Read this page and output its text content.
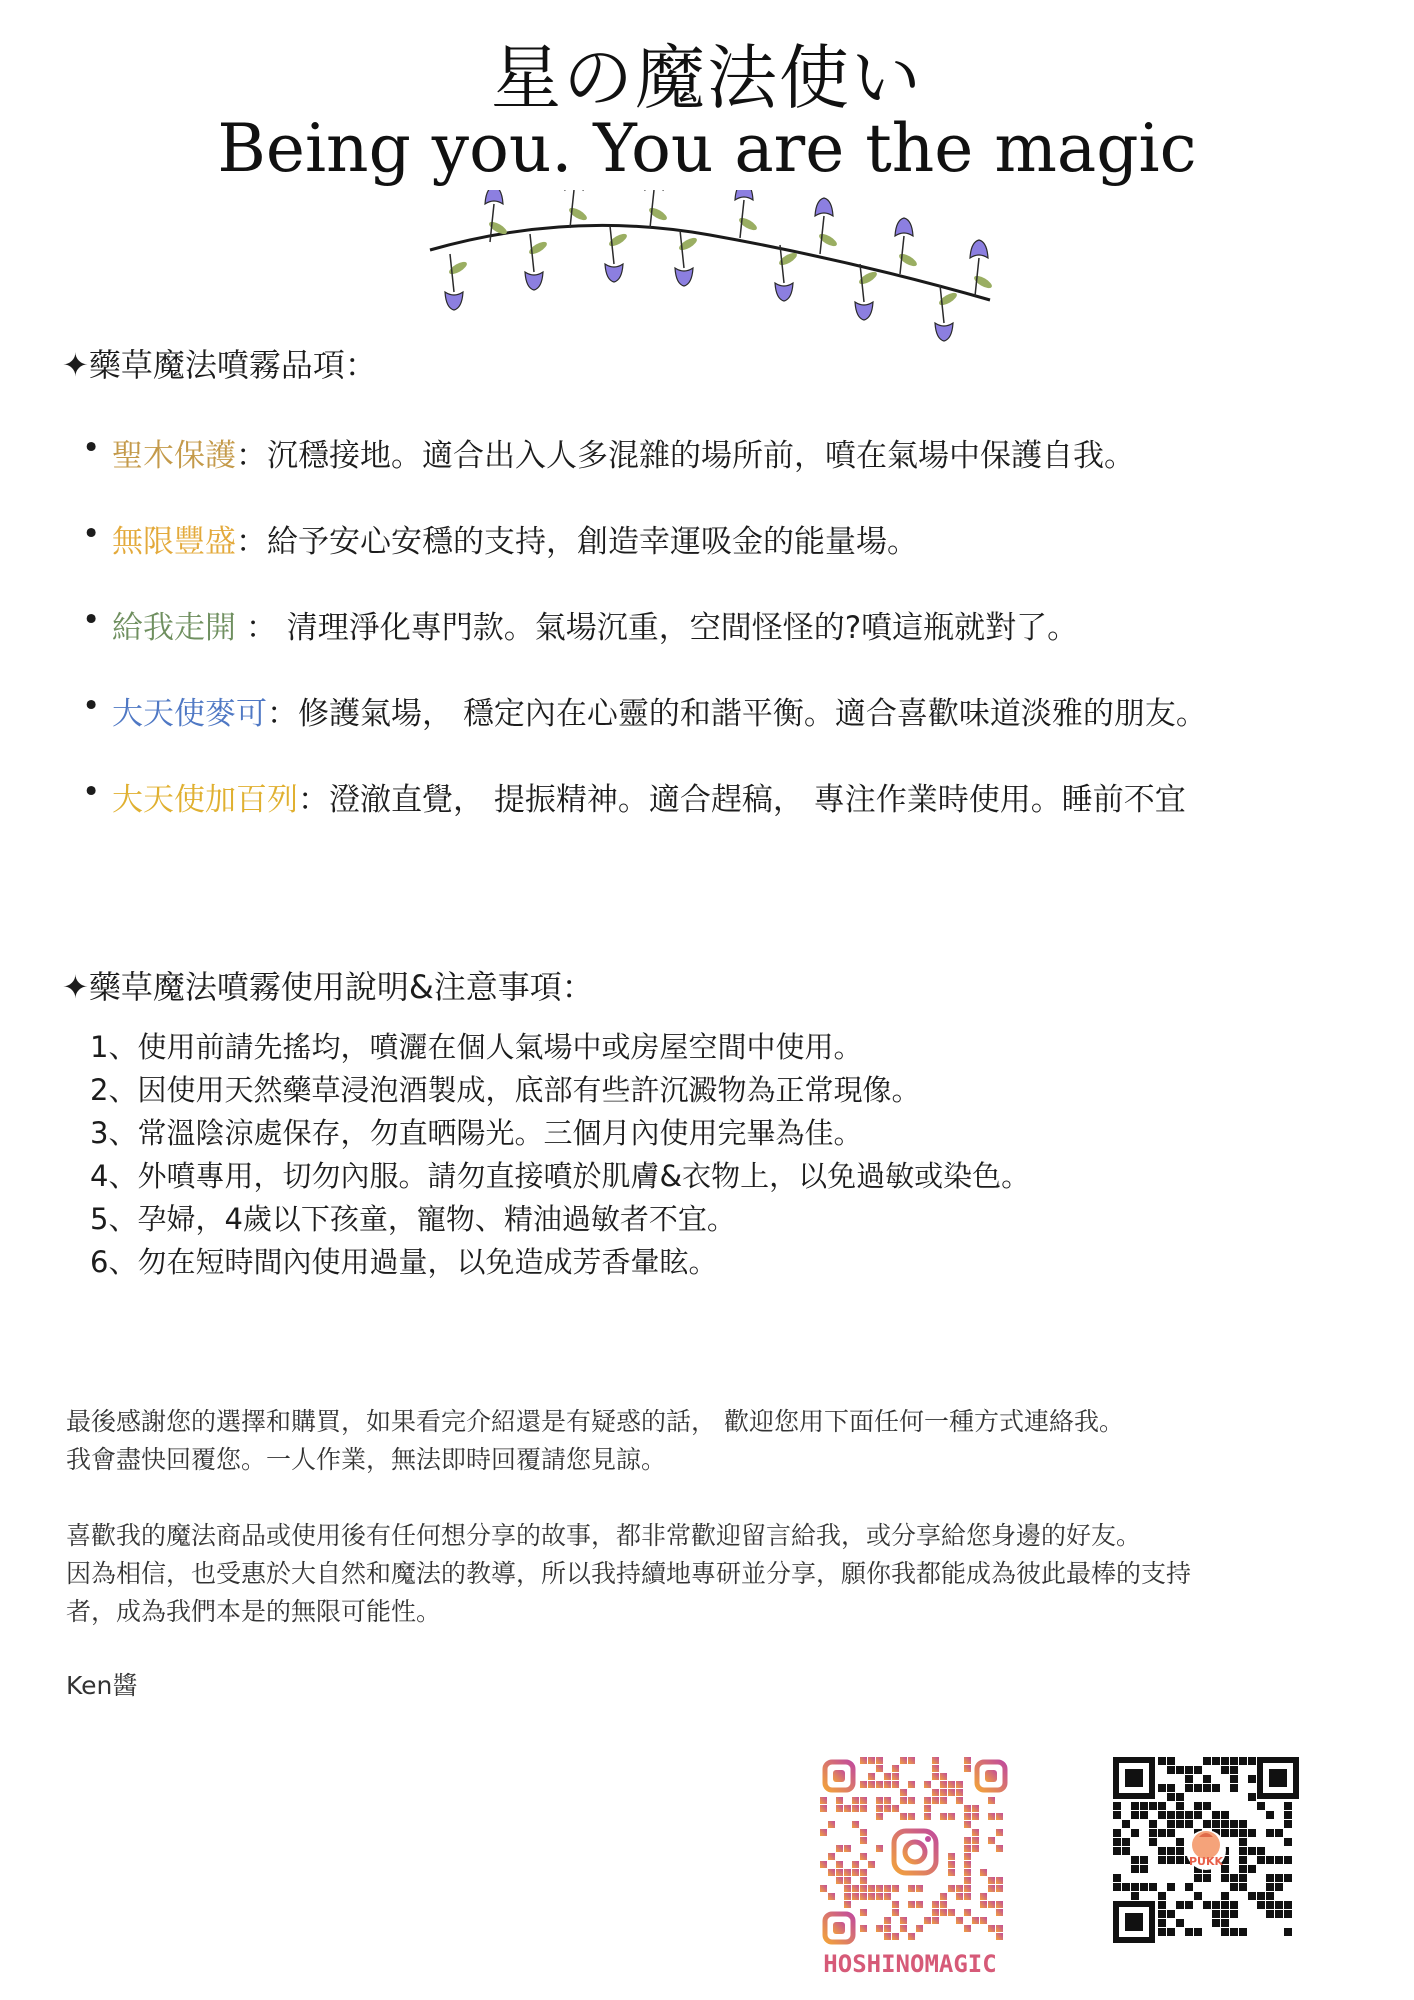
星の魔法使い
Being you. You are the magic
✦藥草魔法噴霧品項：
• 聖木保護：沉穩接地。適合出入人多混雜的場所前，噴在氣場中保護自我。
• 無限豐盛：給予安心安穩的支持，創造幸運吸金的能量場。
• 給我走開 ： 清理淨化專門款。氣場沉重，空間怪怪的?噴這瓶就對了。
• 大天使麥可：修護氣場， 穩定內在心靈的和諧平衡。適合喜歡味道淡雅的朋友。
• 大天使加百列：澄澈直覺， 提振精神。適合趕稿， 專注作業時使用。睡前不宜
✦藥草魔法噴霧使用說明&注意事項：
1、使用前請先搖均，噴灑在個人氣場中或房屋空間中使用。
2、因使用天然藥草浸泡酒製成，底部有些許沉澱物為正常現像。
3、常溫陰涼處保存，勿直晒陽光。三個月內使用完畢為佳。
4、外噴專用，切勿內服。請勿直接噴於肌膚&衣物上，以免過敏或染色。
5、孕婦，4歲以下孩童，寵物、精油過敏者不宜。
6、勿在短時間內使用過量，以免造成芳香暈眩。
最後感謝您的選擇和購買，如果看完介紹還是有疑惑的話， 歡迎您用下面任何一種方式連絡我。
我會盡快回覆您。一人作業，無法即時回覆請您見諒。
喜歡我的魔法商品或使用後有任何想分享的故事，都非常歡迎留言給我，或分享給您身邊的好友。
因為相信，也受惠於大自然和魔法的教導，所以我持續地專研並分享，願你我都能成為彼此最棒的支持
者，成為我們本是的無限可能性。
Ken醬
HOSHINOMAGIC
PUKK
